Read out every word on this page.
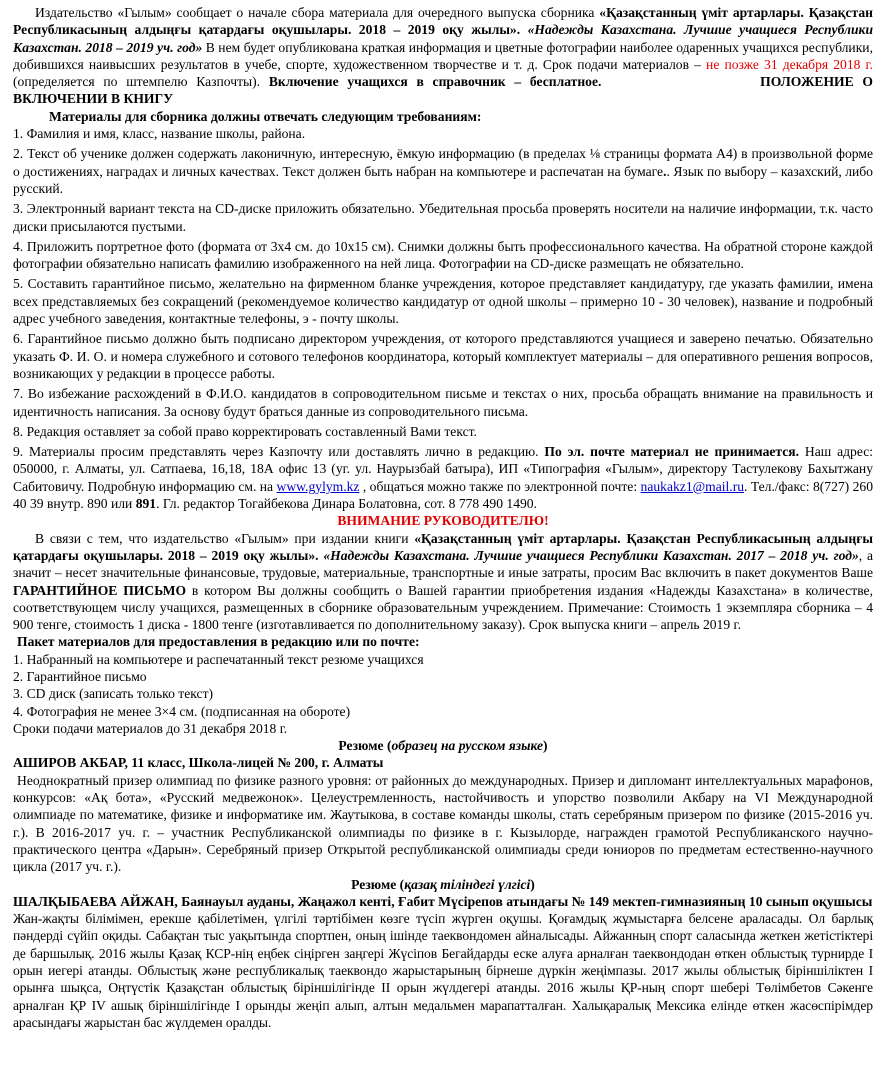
Издательство «Гылым» сообщает о начале сбора материала для очередного выпуска сборника «Қазақстанның үміт артарлары. Қазақстан Республикасының алдыңғы қатардағы оқушылары. 2018 – 2019 оқу жылы». «Надежды Казахстана. Лучшие учащиеся Республики Казахстан. 2018 – 2019 уч. год» В нем будет опубликована краткая информация и цветные фотографии наиболее одаренных учащихся республики, добившихся наивысших результатов в учебе, спорте, художественном творчестве и т. д. Срок подачи материалов – не позже 31 декабря 2018 г. (определяется по штемпелю Казпочты). Включение учащихся в справочник – бесплатное.	ПОЛОЖЕНИЕ О ВКЛЮЧЕНИИ В КНИГУ

Материалы для сборника должны отвечать следующим требованиям:

1. Фамилия и имя, класс, название школы, района.

2. Текст об ученике должен содержать лаконичную, интересную, ёмкую информацию (в пределах ⅛ страницы формата А4) в произвольной форме о достижениях, наградах и личных качествах. Текст должен быть набран на компьютере и распечатан на бумаге.. Язык по выбору – казахский, либо русский.

3. Электронный вариант текста на CD-диске приложить обязательно. Убедительная просьба проверять носители на наличие информации, т.к. часто диски присылаются пустыми.

4. Приложить портретное фото (формата от 3х4 см. до 10х15 см). Снимки должны быть профессионального качества. На обратной стороне каждой фотографии обязательно написать фамилию изображенного на ней лица. Фотографии на CD-диске размещать не обязательно.

5. Составить гарантийное письмо, желательно на фирменном бланке учреждения, которое представляет кандидатуру, где указать фамилии, имена всех представляемых без сокращений (рекомендуемое количество кандидатур от одной школы – примерно 10 - 30 человек), название и подробный адрес учебного заведения, контактные телефоны, э - почту школы.

6. Гарантийное письмо должно быть подписано директором учреждения, от которого представляются учащиеся и заверено печатью. Обязательно указать Ф. И. О. и номера служебного и сотового телефонов координатора, который комплектует материалы – для оперативного решения вопросов, возникающих у редакции в процессе работы.

7. Во избежание расхождений в Ф.И.О. кандидатов в сопроводительном письме и текстах о них, просьба обращать внимание на правильность и идентичность написания. За основу будут браться данные из сопроводительного письма.

8. Редакция оставляет за собой право корректировать составленный Вами текст.

9. Материалы просим представлять через Казпочту или доставлять лично в редакцию. По эл. почте материал не принимается. Наш адрес: 050000, г. Алматы, ул. Сатпаева, 16,18, 18А офис 13 (уг. ул. Наурызбай батыра), ИП «Типография «Гылым», директору Тастулекову Бахытжану Сабитовичу. Подробную информацию см. на www.gylym.kz , общаться можно также по электронной почте: naukakz1@mail.ru. Тел./факс: 8(727) 260 40 39 внутр. 890 или 891. Гл. редактор Тогайбекова Динара Болатовна, сот. 8 778 490 1490.

ВНИМАНИЕ РУКОВОДИТЕЛЮ!

В связи с тем, что издательство «Гылым» при издании книги «Қазақстанның үміт артарлары. Қазақстан Республикасының алдыңғы қатардағы оқушылары. 2018 – 2019 оқу жылы». «Надежды Казахстана. Лучшие учащиеся Республики Казахстан. 2017 – 2018 уч. год», а значит – несет значительные финансовые, трудовые, материальные, транспортные и иные затраты, просим Вас включить в пакет документов Ваше ГАРАНТИЙНОЕ ПИСЬМО в котором Вы должны сообщить о Вашей гарантии приобретения издания «Надежды Казахстана» в количестве, соответствующем числу учащихся, размещенных в сборнике образовательным учреждением. Примечание: Стоимость 1 экземпляра сборника – 4 900 тенге, стоимость 1 диска - 1800 тенге (изготавливается по дополнительному заказу). Срок выпуска книги – апрель 2019 г.

Пакет материалов для предоставления в редакцию или по почте:

1. Набранный на компьютере и распечатанный текст резюме учащихся

2. Гарантийное письмо

3. CD диск (записать только текст)

4. Фотография не менее 3×4 см. (подписанная на обороте)

Сроки подачи материалов до 31 декабря 2018 г.

Резюме (образец на русском языке)

АШИРОВ АКБАР, 11 класс, Школа-лицей № 200, г. Алматы

Неоднократный призер олимпиад по физике разного уровня: от районных до международных. Призер и дипломант интеллектуальных марафонов, конкурсов: «Ақ бота», «Русский медвежонок». Целеустремленность, настойчивость и упорство позволили Акбару на VI Международной олимпиаде по математике, физике и информатике им. Жаутыкова, в составе команды школы, стать серебряным призером по физике (2015-2016 уч. г.). В 2016-2017 уч. г. – участник Республиканской олимпиады по физике в г. Кызылорде, награжден грамотой Республиканского научно-практического центра «Дарын». Серебряный призер Открытой республиканской олимпиады среди юниоров по предметам естественно-научного цикла (2017 уч. г.).

Резюме (қазақ тіліндегі үлгісі)

ШАЛҚЫБАЕВА АЙЖАН, Баянауыл ауданы, Жаңажол кенті, Ғабит Мүсірепов атындағы № 149 мектеп-гимназияның 10 сынып оқушысы

Жан-жақты білімімен, ерекше қабілетімен, үлгілі тәртібімен көзге түсіп жүрген оқушы. Қоғамдық жұмыстарға белсене араласады. Ол барлық пәндерді сүйіп оқиды. Сабақтан тыс уақытында спортпен, оның ішінде таеквондомен айналысады. Айжанның спорт саласында жеткен жетістіктері де баршылық. 2016 жылы Қазақ КСР-нің еңбек сіңірген заңгері Жүсіпов Бегайдарды еске алуға арналған таеквондодан өткен облыстық турнирде I орын иегері атанды. Облыстық және республикалық таеквондо жарыстарының бірнеше дүркін жеңімпазы. 2017 жылы облыстық біріншіліктен I орынға шықса, Оңтүстік Қазақстан облыстық біріншілігінде II орын жүлдегері атанды. 2016 жылы ҚР-ның спорт шебері Төлімбетов Сәкенге арналған ҚР IV ашық біріншілігінде I орынды жеңіп алып, алтын медальмен марапатталған. Халықаралық Мексика елінде өткен жасөспірімдер арасындағы жарыстан бас жүлдемен оралды.
